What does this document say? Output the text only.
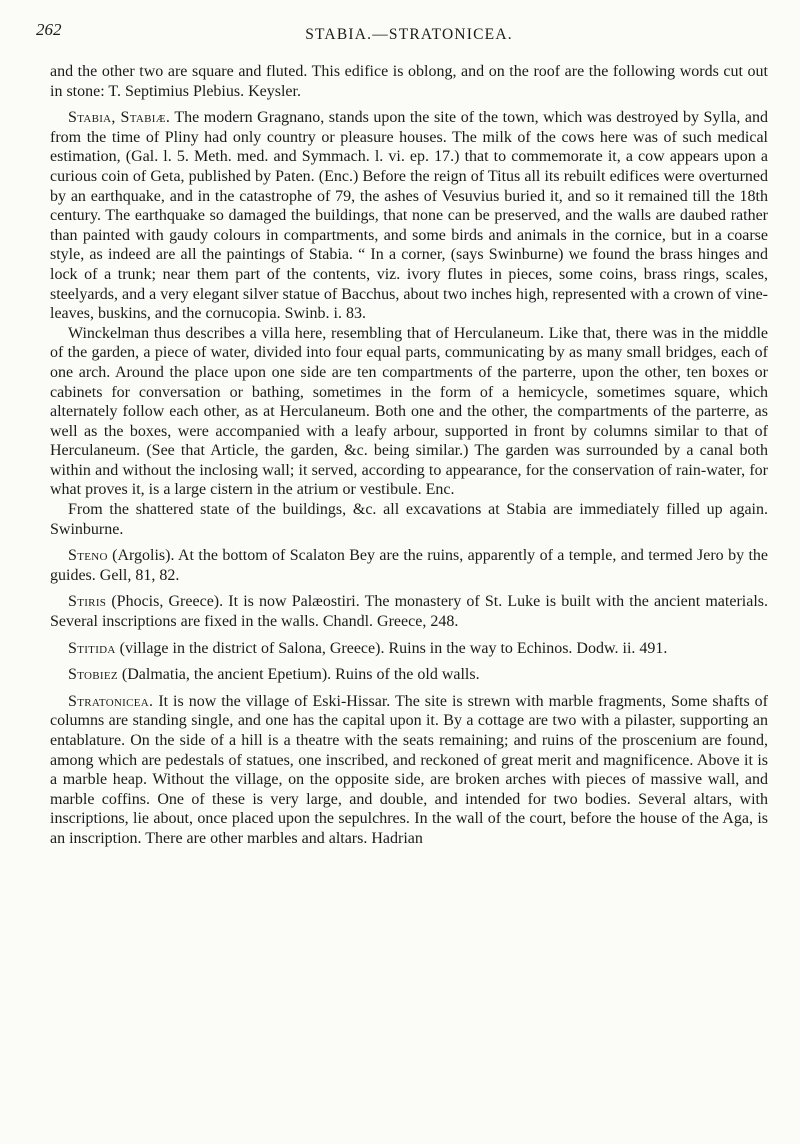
262	STABIA.—STRATONICEA.

and the other two are square and fluted. This edifice is oblong, and on the roof are the following words cut out in stone: T. Septimius Plebius. Keysler.

Stabia, Stabiæ. The modern Gragnano, stands upon the site of the town, which was destroyed by Sylla, and from the time of Pliny had only country or pleasure houses. The milk of the cows here was of such medical estimation, (Gal. l. 5. Meth. med. and Symmach. l. vi. ep. 17.) that to commemorate it, a cow appears upon a curious coin of Geta, published by Paten. (Enc.) Before the reign of Titus all its rebuilt edifices were overturned by an earthquake, and in the catastrophe of 79, the ashes of Vesuvius buried it, and so it remained till the 18th century. The earthquake so damaged the buildings, that none can be preserved, and the walls are daubed rather than painted with gaudy colours in compartments, and some birds and animals in the cornice, but in a coarse style, as indeed are all the paintings of Stabia. “ In a corner, (says Swinburne) we found the brass hinges and lock of a trunk; near them part of the contents, viz. ivory flutes in pieces, some coins, brass rings, scales, steelyards, and a very elegant silver statue of Bacchus, about two inches high, represented with a crown of vine-leaves, buskins, and the cornucopia. Swinb. i. 83.

Winckelman thus describes a villa here, resembling that of Herculaneum. Like that, there was in the middle of the garden, a piece of water, divided into four equal parts, communicating by as many small bridges, each of one arch. Around the place upon one side are ten compartments of the parterre, upon the other, ten boxes or cabinets for conversation or bathing, sometimes in the form of a hemicycle, sometimes square, which alternately follow each other, as at Herculaneum. Both one and the other, the compartments of the parterre, as well as the boxes, were accompanied with a leafy arbour, supported in front by columns similar to that of Herculaneum. (See that Article, the garden, &c. being similar.) The garden was surrounded by a canal both within and without the inclosing wall; it served, according to appearance, for the conservation of rain-water, for what proves it, is a large cistern in the atrium or vestibule. Enc.

From the shattered state of the buildings, &c. all excavations at Stabia are immediately filled up again. Swinburne.

Steno (Argolis). At the bottom of Scalaton Bey are the ruins, apparently of a temple, and termed Jero by the guides. Gell, 81, 82.

Stiris (Phocis, Greece). It is now Palæostiri. The monastery of St. Luke is built with the ancient materials. Several inscriptions are fixed in the walls. Chandl. Greece, 248.

Stitida (village in the district of Salona, Greece). Ruins in the way to Echinos. Dodw. ii. 491.

Stobiez (Dalmatia, the ancient Epetium). Ruins of the old walls.

Stratonicea. It is now the village of Eski-Hissar. The site is strewn with marble fragments, Some shafts of columns are standing single, and one has the capital upon it. By a cottage are two with a pilaster, supporting an entablature. On the side of a hill is a theatre with the seats remaining; and ruins of the proscenium are found, among which are pedestals of statues, one inscribed, and reckoned of great merit and magnificence. Above it is a marble heap. Without the village, on the opposite side, are broken arches with pieces of massive wall, and marble coffins. One of these is very large, and double, and intended for two bodies. Several altars, with inscriptions, lie about, once placed upon the sepulchres. In the wall of the court, before the house of the Aga, is an inscription. There are other marbles and altars. Hadrian
